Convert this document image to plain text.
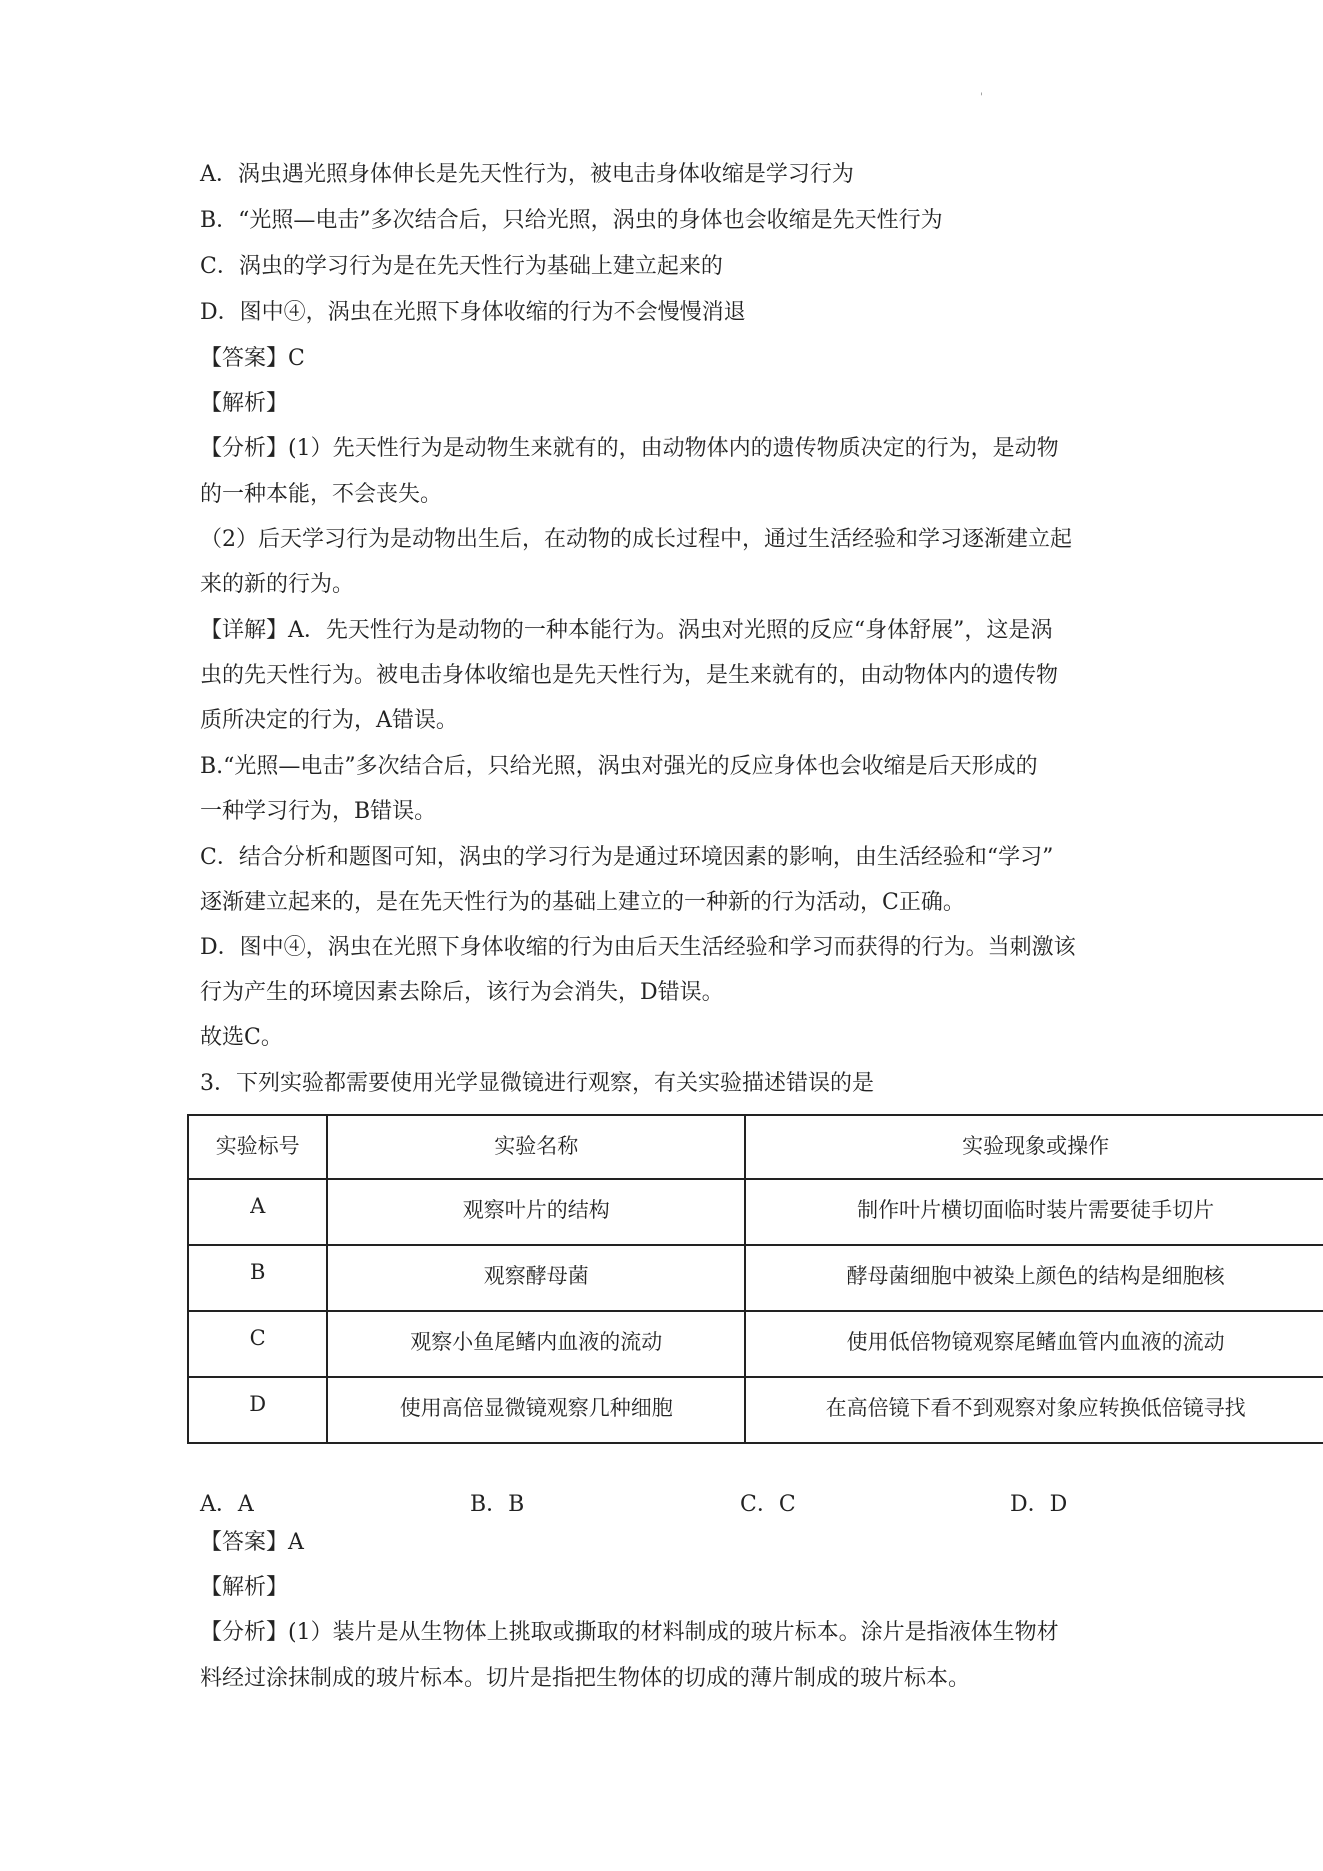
'
A．涡虫遇光照身体伸长是先天性行为，被电击身体收缩是学习行为
B．“光照—电击”多次结合后，只给光照，涡虫的身体也会收缩是先天性行为
C．涡虫的学习行为是在先天性行为基础上建立起来的
D．图中④，涡虫在光照下身体收缩的行为不会慢慢消退
【答案】C
【解析】
【分析】(1）先天性行为是动物生来就有的，由动物体内的遗传物质决定的行为，是动物
的一种本能，不会丧失。
（2）后天学习行为是动物出生后，在动物的成长过程中，通过生活经验和学习逐渐建立起
来的新的行为。
【详解】A．先天性行为是动物的一种本能行为。涡虫对光照的反应“身体舒展”，这是涡
虫的先天性行为。被电击身体收缩也是先天性行为，是生来就有的，由动物体内的遗传物
质所决定的行为，A错误。
B.“光照—电击”多次结合后，只给光照，涡虫对强光的反应身体也会收缩是后天形成的
一种学习行为，B错误。
C．结合分析和题图可知，涡虫的学习行为是通过环境因素的影响，由生活经验和“学习”
逐渐建立起来的，是在先天性行为的基础上建立的一种新的行为活动，C正确。
D．图中④，涡虫在光照下身体收缩的行为由后天生活经验和学习而获得的行为。当刺激该
行为产生的环境因素去除后，该行为会消失，D错误。
故选C。
3．下列实验都需要使用光学显微镜进行观察，有关实验描述错误的是
实验标号	实验名称	实验现象或操作
A	观察叶片的结构	制作叶片横切面临时装片需要徒手切片
B	观察酵母菌	酵母菌细胞中被染上颜色的结构是细胞核
C	观察小鱼尾鳍内血液的流动	使用低倍物镜观察尾鳍血管内血液的流动
D	使用高倍显微镜观察几种细胞	在高倍镜下看不到观察对象应转换低倍镜寻找
A．A	B．B	C．C	D．D
【答案】A
【解析】
【分析】(1）装片是从生物体上挑取或撕取的材料制成的玻片标本。涂片是指液体生物材
料经过涂抹制成的玻片标本。切片是指把生物体的切成的薄片制成的玻片标本。
